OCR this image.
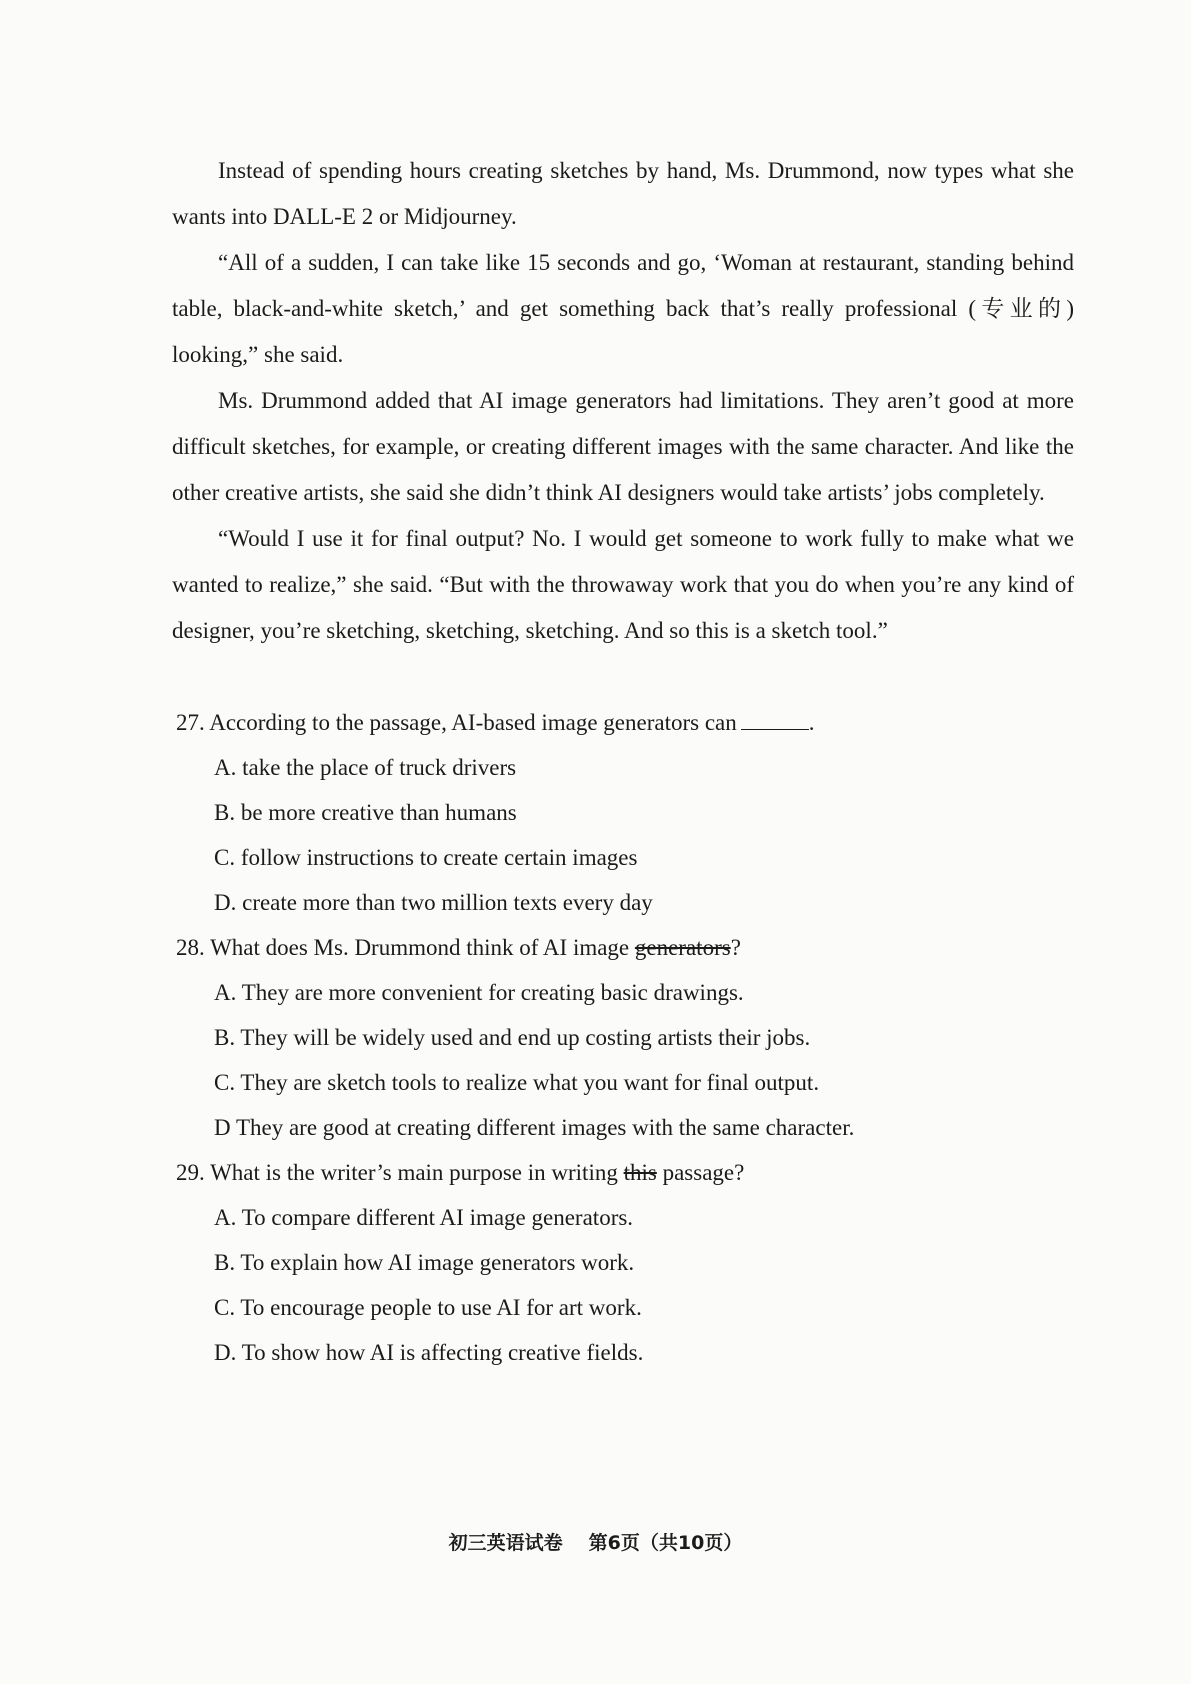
Instead of spending hours creating sketches by hand, Ms. Drummond, now types what she wants into DALL-E 2 or Midjourney.

“All of a sudden, I can take like 15 seconds and go, ‘Woman at restaurant, standing behind table, black-and-white sketch,’ and get something back that’s really professional (专业的) looking,” she said.

Ms. Drummond added that AI image generators had limitations. They aren’t good at more difficult sketches, for example, or creating different images with the same character. And like the other creative artists, she said she didn’t think AI designers would take artists’ jobs completely.

“Would I use it for final output? No. I would get someone to work fully to make what we wanted to realize,” she said. “But with the throwaway work that you do when you’re any kind of designer, you’re sketching, sketching, sketching. And so this is a sketch tool.”

27. According to the passage, AI-based image generators can	.
A. take the place of truck drivers
B. be more creative than humans
C. follow instructions to create certain images
D. create more than two million texts every day
28. What does Ms. Drummond think of AI image generators?
A. They are more convenient for creating basic drawings.
B. They will be widely used and end up costing artists their jobs.
C. They are sketch tools to realize what you want for final output.
D They are good at creating different images with the same character.
29. What is the writer’s main purpose in writing this passage?
A. To compare different AI image generators.
B. To explain how AI image generators work.
C. To encourage people to use AI for art work.
D. To show how AI is affecting creative fields.
初三英语试卷 第6页（共10页）
